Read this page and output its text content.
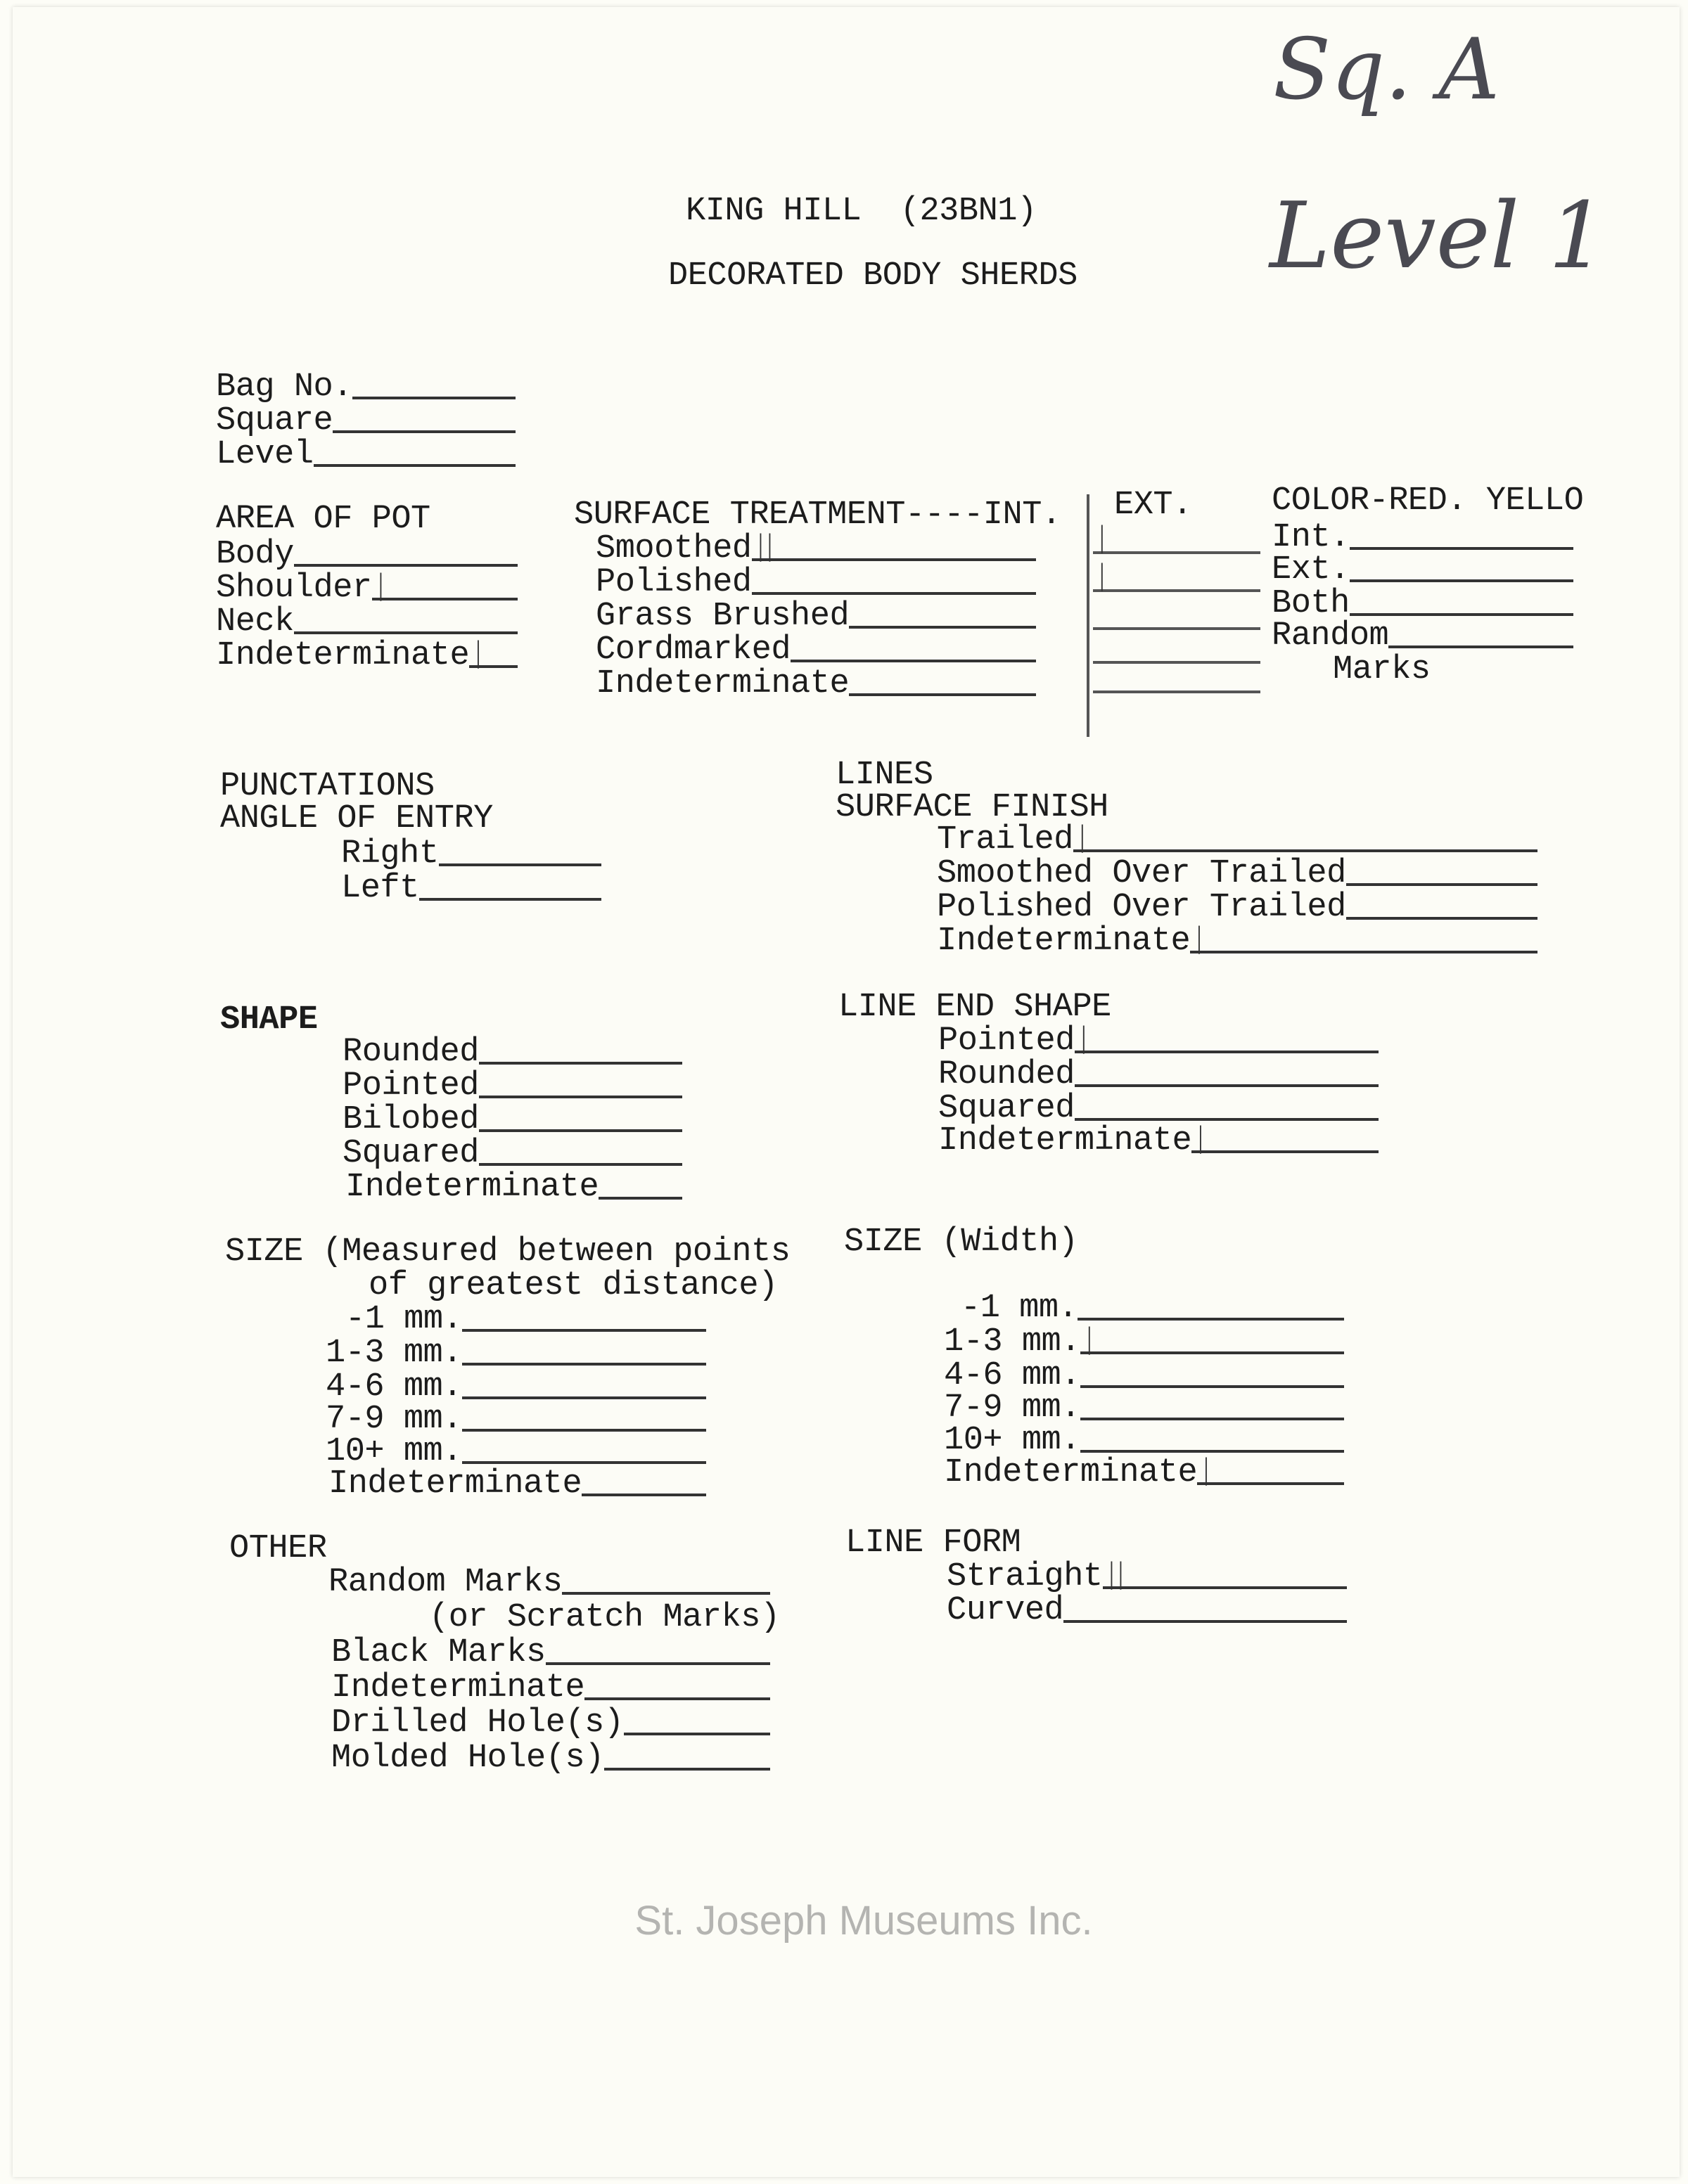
Sq. A
Level 1
KING HILL  (23BN1)
DECORATED BODY SHERDS
Bag No.
Square
Level
AREA OF POT
Body
Shoulder |
Neck
Indeterminate |
SURFACE TREATMENT----INT. EXT.
Smoothed ||
Polished
Grass Brushed
Cordmarked
Indeterminate
|
|
COLOR-RED. YELLO
Int.
Ext.
Both
Random
Marks
PUNCTATIONS
ANGLE OF ENTRY
Right
Left
LINES
SURFACE FINISH
Trailed |
Smoothed Over Trailed
Polished Over Trailed
Indeterminate |
SHAPE
Rounded
Pointed
Bilobed
Squared
Indeterminate
LINE END SHAPE
Pointed |
Rounded
Squared
Indeterminate |
SIZE (Measured between points
of greatest distance)
-1 mm.
1-3 mm.
4-6 mm.
7-9 mm.
10+ mm.
Indeterminate
SIZE (Width)
-1 mm.
1-3 mm. |
4-6 mm.
7-9 mm.
10+ mm.
Indeterminate |
OTHER
Random Marks
(or Scratch Marks)
Black Marks
Indeterminate
Drilled Hole(s)
Molded Hole(s)
LINE FORM
Straight ||
Curved
St. Joseph Museums Inc.
